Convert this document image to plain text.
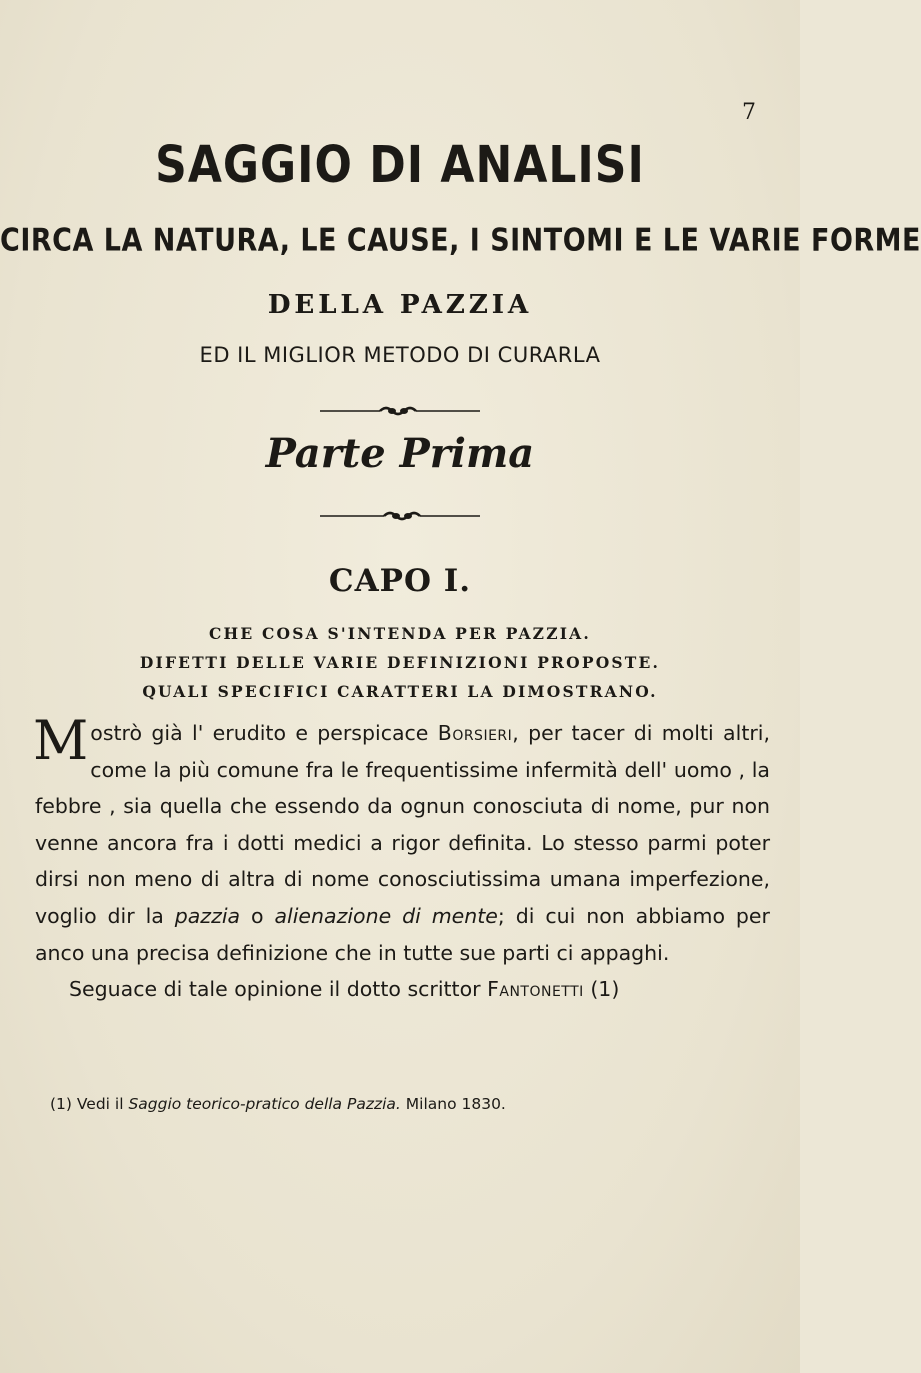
7
SAGGIO DI ANALISI
CIRCA LA NATURA, LE CAUSE, I SINTOMI E LE VARIE FORME
DELLA PAZZIA
ED IL MIGLIOR METODO DI CURARLA
Parte Prima
CAPO I.
CHE COSA S'INTENDA PER PAZZIA.
DIFETTI DELLE VARIE DEFINIZIONI PROPOSTE.
QUALI SPECIFICI CARATTERI LA DIMOSTRANO.

Mostrò già l' erudito e perspicace Borsieri, per tacer di molti altri, come la più comune fra le frequentissime infermità dell' uomo , la febbre , sia quella che essendo da ognun conosciuta di nome, pur non venne ancora fra i dotti medici a rigor definita. Lo stesso parmi poter dirsi non meno di altra di nome conosciutissima umana imperfezione, voglio dir la pazzia o alienazione di mente; di cui non abbiamo per anco una precisa definizione che in tutte sue parti ci appaghi.

Seguace di tale opinione il dotto scrittor Fantonetti (1)

(1) Vedi il Saggio teorico-pratico della Pazzia. Milano 1830.
